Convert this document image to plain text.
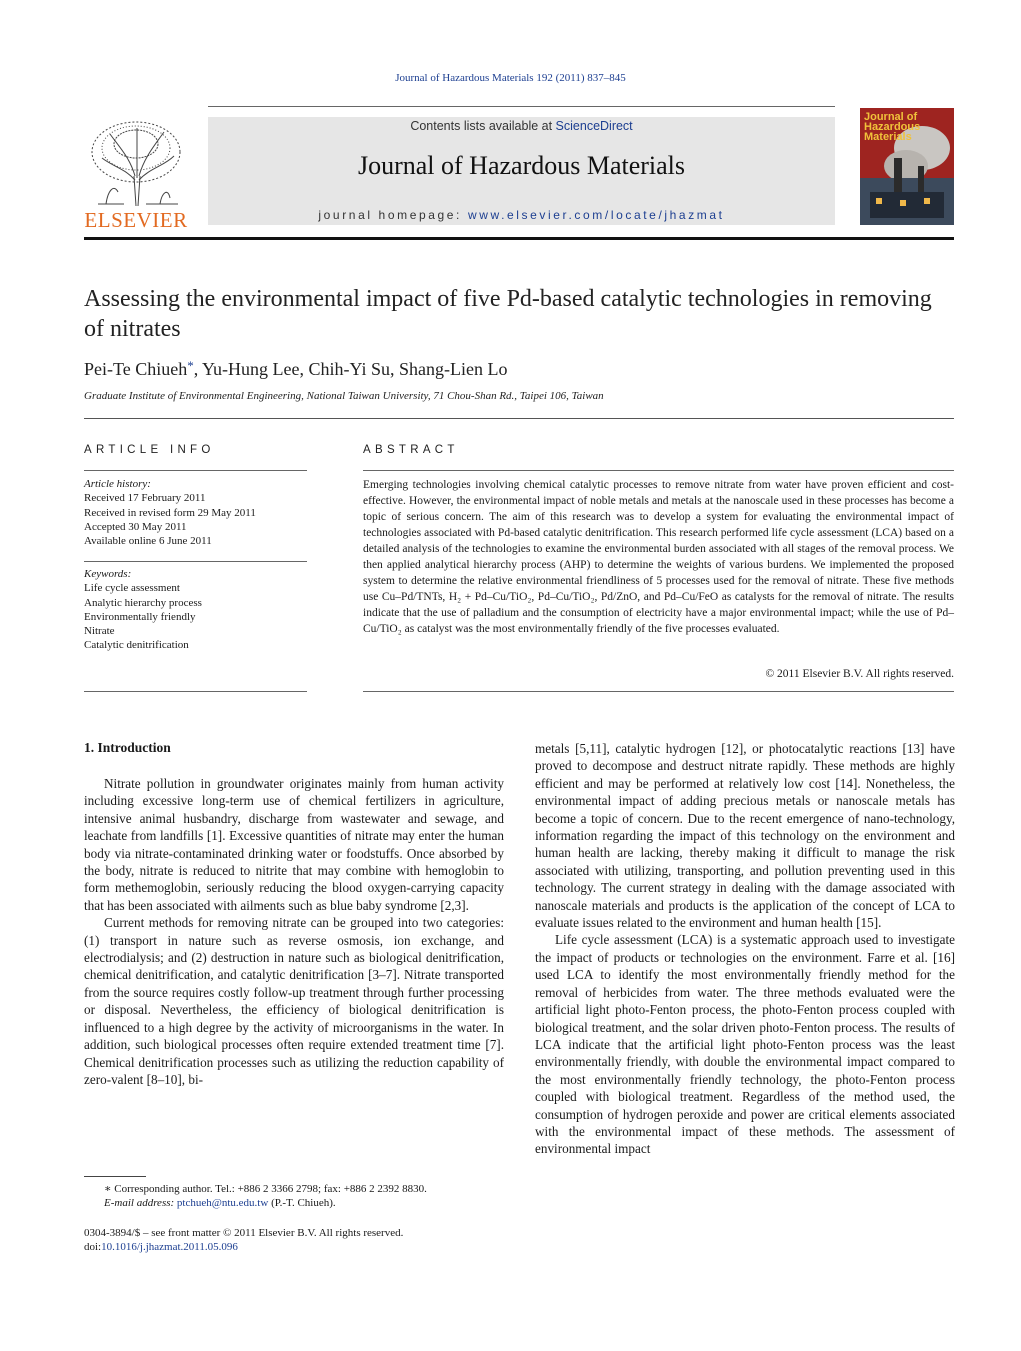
Journal of Hazardous Materials 192 (2011) 837–845
ELSEVIER
Contents lists available at ScienceDirect
Journal of Hazardous Materials
journal homepage: www.elsevier.com/locate/jhazmat
Journal of Hazardous Materials
Assessing the environmental impact of five Pd-based catalytic technologies in removing of nitrates
Pei-Te Chiueh*, Yu-Hung Lee, Chih-Yi Su, Shang-Lien Lo
Graduate Institute of Environmental Engineering, National Taiwan University, 71 Chou-Shan Rd., Taipei 106, Taiwan
ARTICLE INFO
Article history:
Received 17 February 2011
Received in revised form 29 May 2011
Accepted 30 May 2011
Available online 6 June 2011
Keywords:
Life cycle assessment
Analytic hierarchy process
Environmentally friendly
Nitrate
Catalytic denitrification
ABSTRACT
Emerging technologies involving chemical catalytic processes to remove nitrate from water have proven efficient and cost-effective. However, the environmental impact of noble metals and metals at the nanoscale used in these processes has become a topic of serious concern. The aim of this research was to develop a system for evaluating the environmental impact of technologies associated with Pd-based catalytic denitrification. This research performed life cycle assessment (LCA) based on a detailed analysis of the technologies to examine the environmental burden associated with all stages of the removal process. We then applied analytical hierarchy process (AHP) to determine the weights of various burdens. We implemented the proposed system to determine the relative environmental friendliness of 5 processes used for the removal of nitrate. These five methods use Cu–Pd/TNTs, H₂ + Pd–Cu/TiO₂, Pd–Cu/TiO₂, Pd/ZnO, and Pd–Cu/FeO as catalysts for the removal of nitrate. The results indicate that the use of palladium and the consumption of electricity have a major environmental impact; while the use of Pd–Cu/TiO₂ as catalyst was the most environmentally friendly of the five processes evaluated.
© 2011 Elsevier B.V. All rights reserved.
1. Introduction

Nitrate pollution in groundwater originates mainly from human activity including excessive long-term use of chemical fertilizers in agriculture, intensive animal husbandry, discharge from wastewater and sewage, and leachate from landfills [1]. Excessive quantities of nitrate may enter the human body via nitrate-contaminated drinking water or foodstuffs. Once absorbed by the body, nitrate is reduced to nitrite that may combine with hemoglobin to form methemoglobin, seriously reducing the blood oxygen-carrying capacity that has been associated with ailments such as blue baby syndrome [2,3].

Current methods for removing nitrate can be grouped into two categories: (1) transport in nature such as reverse osmosis, ion exchange, and electrodialysis; and (2) destruction in nature such as biological denitrification, chemical denitrification, and catalytic denitrification [3–7]. Nitrate transported from the source requires costly follow-up treatment through further processing or disposal. Nevertheless, the efficiency of biological denitrification is influenced to a high degree by the activity of microorganisms in the water. In addition, such biological processes often require extended treatment time [7]. Chemical denitrification processes such as utilizing the reduction capability of zero-valent [8–10], bi-

metals [5,11], catalytic hydrogen [12], or photocatalytic reactions [13] have proved to decompose and destruct nitrate rapidly. These methods are highly efficient and may be performed at relatively low cost [14]. Nonetheless, the environmental impact of adding precious metals or nanoscale metals has become a topic of concern. Due to the recent emergence of nano-technology, information regarding the impact of this technology on the environment and human health are lacking, thereby making it difficult to manage the risk associated with utilizing, transporting, and pollution preventing used in this technology. The current strategy in dealing with the damage associated with nanoscale materials and products is the application of the concept of LCA to evaluate issues related to the environment and human health [15].

Life cycle assessment (LCA) is a systematic approach used to investigate the impact of products or technologies on the environment. Farre et al. [16] used LCA to identify the most environmentally friendly method for the removal of herbicides from water. The three methods evaluated were the artificial light photo-Fenton process, the photo-Fenton process coupled with biological treatment, and the solar driven photo-Fenton process. The results of LCA indicate that the artificial light photo-Fenton process was the least environmentally friendly, with double the environmental impact compared to the most environmentally friendly technology, the photo-Fenton process coupled with biological treatment. Regardless of the method used, the consumption of hydrogen peroxide and power are critical elements associated with the environmental impact of these methods. The assessment of environmental impact

∗ Corresponding author. Tel.: +886 2 3366 2798; fax: +886 2 2392 8830.
E-mail address: ptchueh@ntu.edu.tw (P.-T. Chiueh).
0304-3894/$ – see front matter © 2011 Elsevier B.V. All rights reserved.
doi:10.1016/j.jhazmat.2011.05.096
